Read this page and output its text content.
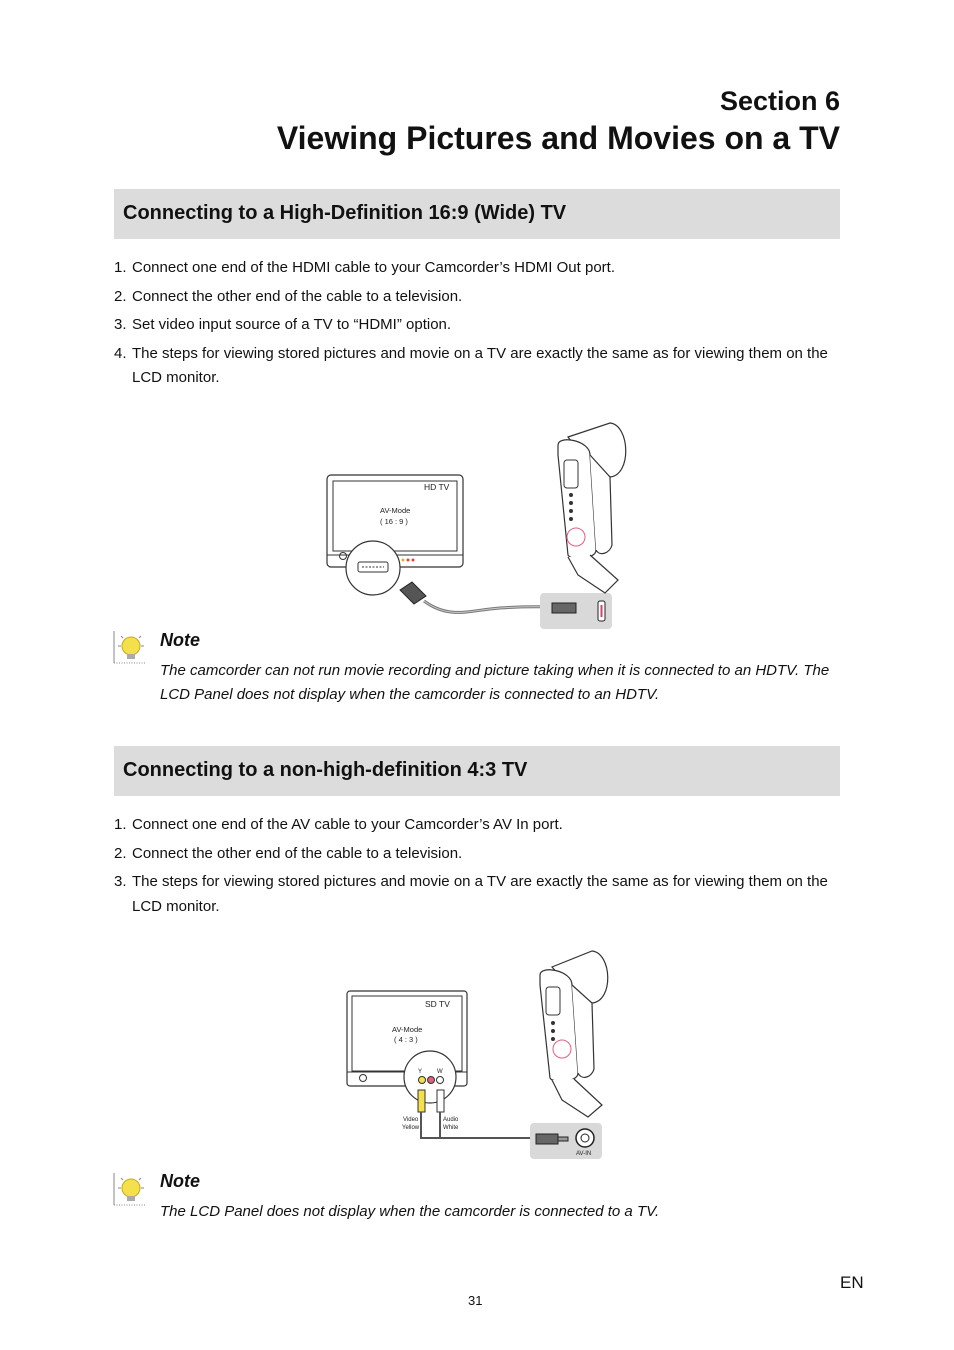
Section 6
Viewing Pictures and Movies on a TV
Connecting to a High-Definition 16:9 (Wide) TV
1. Connect one end of the HDMI cable to your Camcorder’s HDMI Out port.
2. Connect the other end of the cable to a television.
3. Set video input source of a TV to “HDMI” option.
4. The steps for viewing stored pictures and movie on a TV are exactly the same as for viewing them on the LCD monitor.
HD TV
AV-Mode
( 16 : 9 )
Note
The camcorder can not run movie recording and picture taking when it is connected to an HDTV. The LCD Panel does not display when the camcorder is connected to an HDTV.
Connecting to a non-high-definition 4:3 TV
1. Connect one end of the AV cable to your Camcorder’s AV In port.
2. Connect the other end of the cable to a television.
3. The steps for viewing stored pictures and movie on a TV are exactly the same as for viewing them on the LCD monitor.
SD TV
AV-Mode
( 4 : 3 )
Y W
Video
Yellow
Audio
White
AV-IN
Note
The LCD Panel does not display when the camcorder is connected to a TV.
EN
31
